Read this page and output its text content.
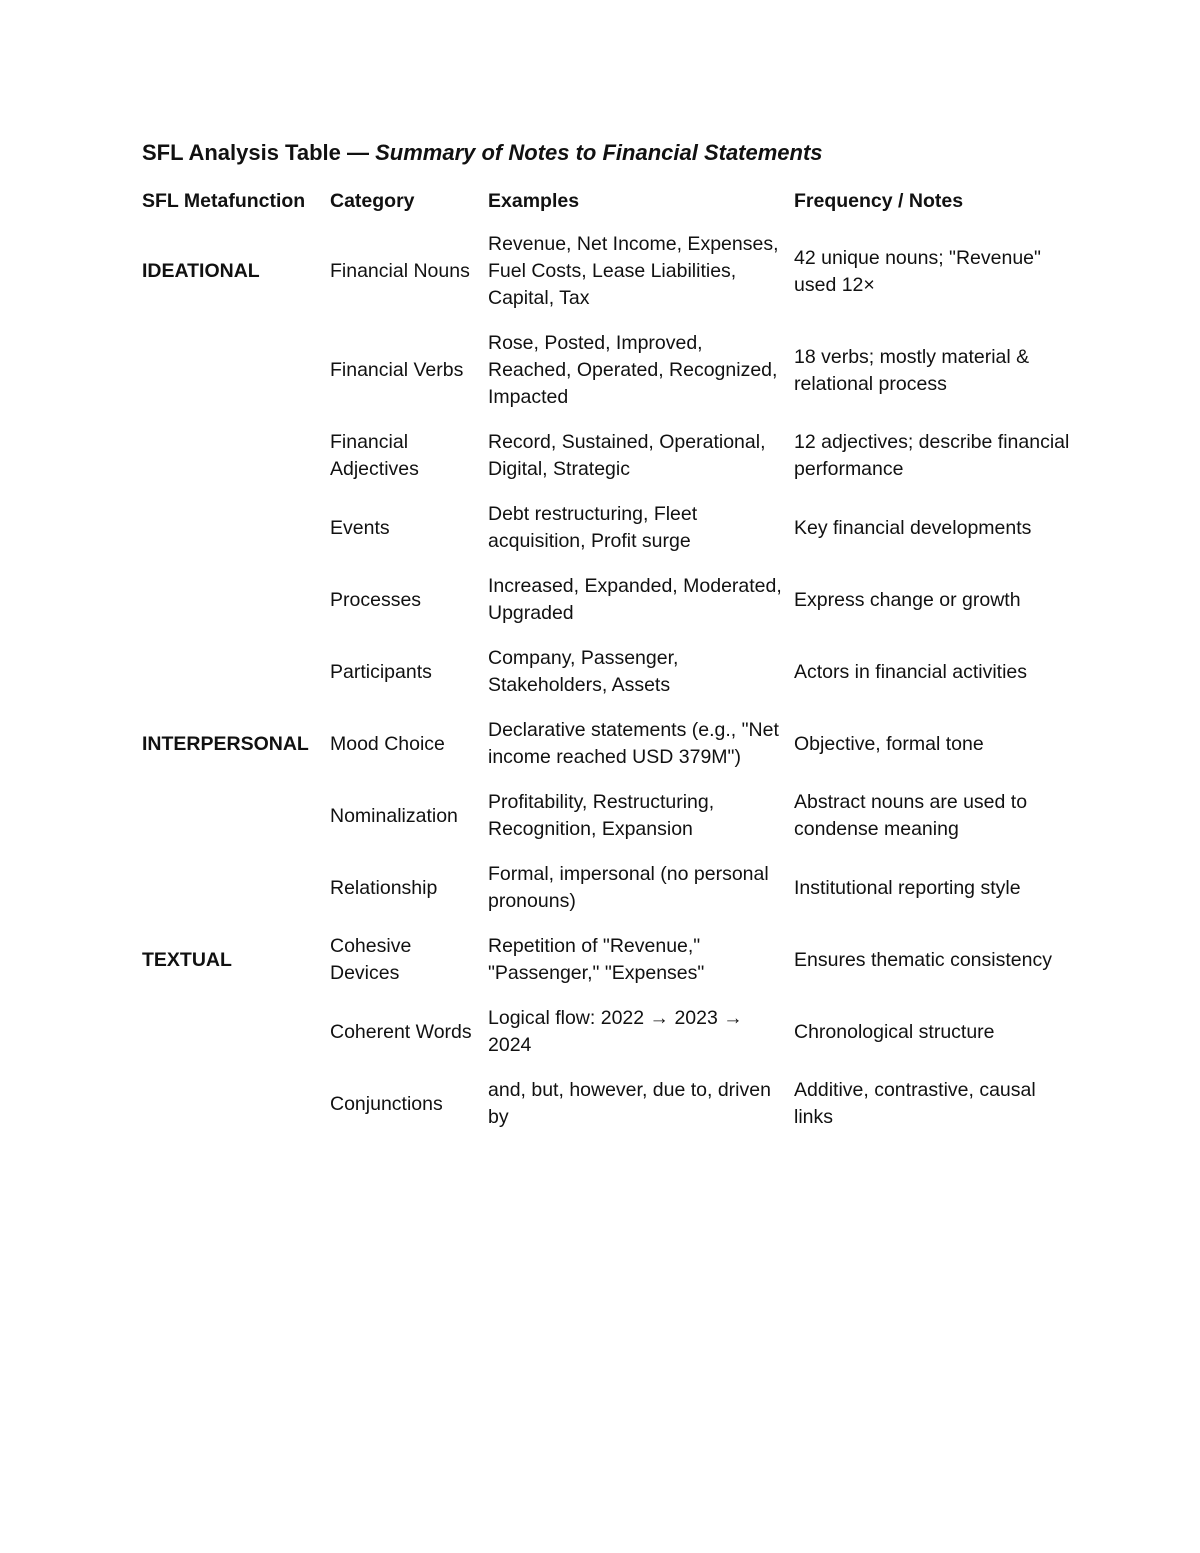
SFL Analysis Table — Summary of Notes to Financial Statements
SFL Metafunction	Category	Examples	Frequency / Notes
IDEATIONAL	Financial Nouns	Revenue, Net Income, Expenses, Fuel Costs, Lease Liabilities, Capital, Tax	42 unique nouns; "Revenue" used 12×
	Financial Verbs	Rose, Posted, Improved, Reached, Operated, Recognized, Impacted	18 verbs; mostly material & relational process
	Financial Adjectives	Record, Sustained, Operational, Digital, Strategic	12 adjectives; describe financial performance
	Events	Debt restructuring, Fleet acquisition, Profit surge	Key financial developments
	Processes	Increased, Expanded, Moderated, Upgraded	Express change or growth
	Participants	Company, Passenger, Stakeholders, Assets	Actors in financial activities
INTERPERSONAL	Mood Choice	Declarative statements (e.g., "Net income reached USD 379M")	Objective, formal tone
	Nominalization	Profitability, Restructuring, Recognition, Expansion	Abstract nouns are used to condense meaning
	Relationship	Formal, impersonal (no personal pronouns)	Institutional reporting style
TEXTUAL	Cohesive Devices	Repetition of "Revenue," "Passenger," "Expenses"	Ensures thematic consistency
	Coherent Words	Logical flow: 2022 → 2023 → 2024	Chronological structure
	Conjunctions	and, but, however, due to, driven by	Additive, contrastive, causal links
